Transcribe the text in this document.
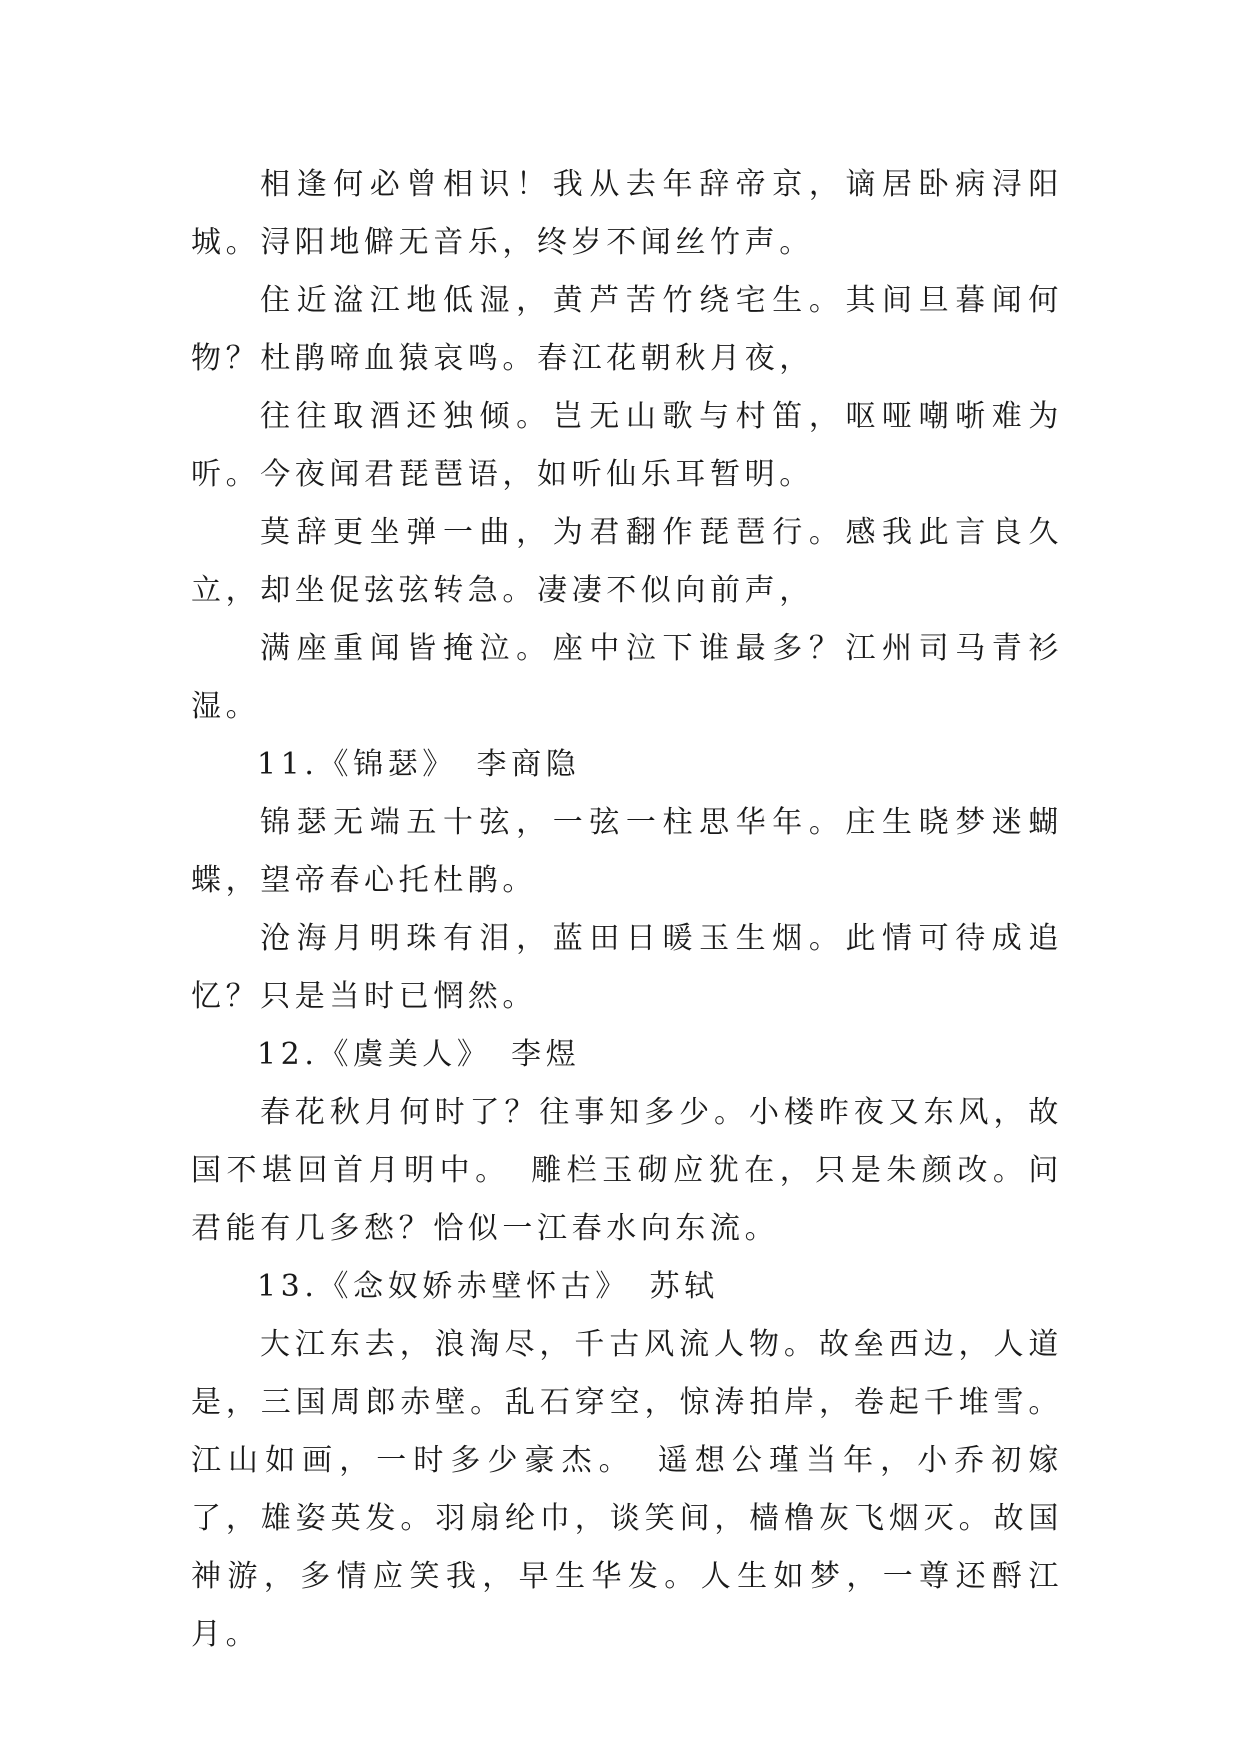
相逢何必曾相识！我从去年辞帝京，谪居卧病浔阳城。浔阳地僻无音乐，终岁不闻丝竹声。

住近湓江地低湿，黄芦苦竹绕宅生。其间旦暮闻何物？杜鹃啼血猿哀鸣。春江花朝秋月夜，

往往取酒还独倾。岂无山歌与村笛，呕哑嘲哳难为听。今夜闻君琵琶语，如听仙乐耳暂明。

莫辞更坐弹一曲，为君翻作琵琶行。感我此言良久立，却坐促弦弦转急。凄凄不似向前声，

满座重闻皆掩泣。座中泣下谁最多？江州司马青衫湿。

11.《锦瑟》　李商隐

锦瑟无端五十弦，一弦一柱思华年。庄生晓梦迷蝴蝶，望帝春心托杜鹃。

沧海月明珠有泪，蓝田日暖玉生烟。此情可待成追忆？只是当时已惘然。

12.《虞美人》　李煜

春花秋月何时了？往事知多少。小楼昨夜又东风，故国不堪回首月明中。　雕栏玉砌应犹在，只是朱颜改。问君能有几多愁？恰似一江春水向东流。

13.《念奴娇赤壁怀古》　苏轼

大江东去，浪淘尽，千古风流人物。故垒西边，人道是，三国周郎赤壁。乱石穿空，惊涛拍岸，卷起千堆雪。江山如画，一时多少豪杰。　遥想公瑾当年，小乔初嫁了，雄姿英发。羽扇纶巾，谈笑间，樯橹灰飞烟灭。故国神游，多情应笑我，早生华发。人生如梦，一尊还酹江月。
